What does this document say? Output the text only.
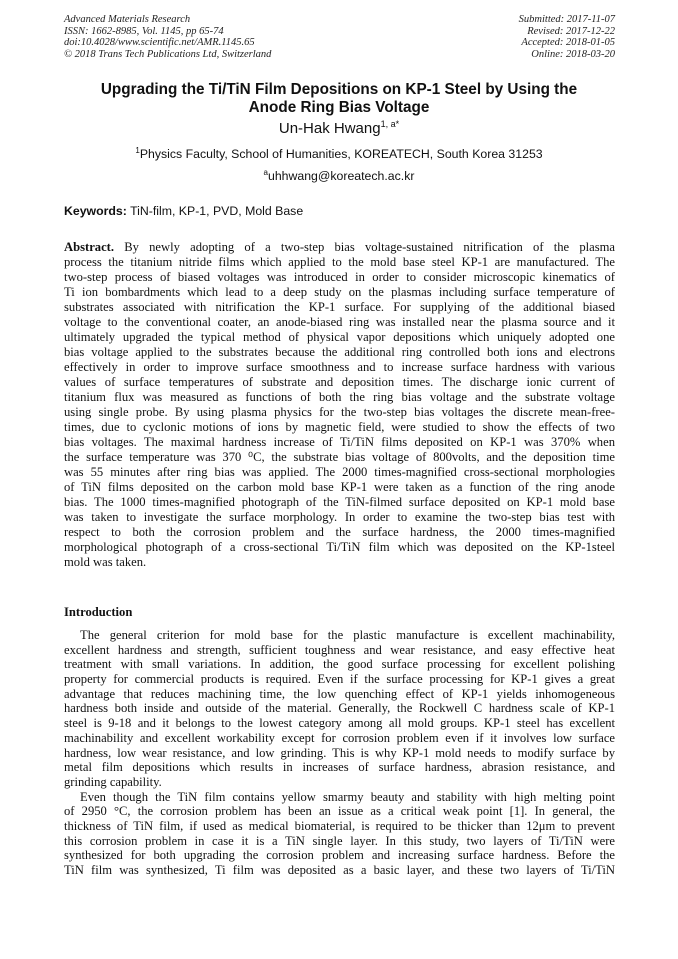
Advanced Materials Research
ISSN: 1662-8985, Vol. 1145, pp 65-74
doi:10.4028/www.scientific.net/AMR.1145.65
© 2018 Trans Tech Publications Ltd, Switzerland
Submitted: 2017-11-07
Revised: 2017-12-22
Accepted: 2018-01-05
Online: 2018-03-20
Upgrading the Ti/TiN Film Depositions on KP-1 Steel by Using the
Anode Ring Bias Voltage
Un-Hak Hwang$^{1, a*}$
$^1$Physics Faculty, School of Humanities, KOREATECH, South Korea 31253
$^a$uhhwang@koreatech.ac.kr
Keywords: TiN-film, KP-1, PVD, Mold Base
Abstract. By newly adopting of a two-step bias voltage-sustained nitrification of the plasma
process the titanium nitride films which applied to the mold base steel KP-1 are manufactured. The
two-step process of biased voltages was introduced in order to consider microscopic kinematics of
Ti ion bombardments which lead to a deep study on the plasmas including surface temperature of
substrates associated with nitrification the KP-1 surface. For supplying of the additional biased
voltage to the conventional coater, an anode-biased ring was installed near the plasma source and it
ultimately upgraded the typical method of physical vapor depositions which uniquely adopted one
bias voltage applied to the substrates because the additional ring controlled both ions and electrons
effectively in order to improve surface smoothness and to increase surface hardness with various
values of surface temperatures of substrate and deposition times. The discharge ionic current of
titanium flux was measured as functions of both the ring bias voltage and the substrate voltage
using single probe. By using plasma physics for the two-step bias voltages the discrete mean-free-
times, due to cyclonic motions of ions by magnetic field, were studied to show the effects of two
bias voltages. The maximal hardness increase of Ti/TiN films deposited on KP-1 was 370% when
the surface temperature was 370 ⁰C, the substrate bias voltage of 800volts, and the deposition time
was 55 minutes after ring bias was applied. The 2000 times-magnified cross-sectional morphologies
of TiN films deposited on the carbon mold base KP-1 were taken as a function of the ring anode
bias. The 1000 times-magnified photograph of the TiN-filmed surface deposited on KP-1 mold base
was taken to investigate the surface morphology. In order to examine the two-step bias test with
respect to both the corrosion problem and the surface hardness, the 2000 times-magnified
morphological photograph of a cross-sectional Ti/TiN film which was deposited on the KP-1steel
mold was taken.
Introduction
The general criterion for mold base for the plastic manufacture is excellent machinability,
excellent hardness and strength, sufficient toughness and wear resistance, and easy effective heat
treatment with small variations. In addition, the good surface processing for excellent polishing
property for commercial products is required. Even if the surface processing for KP-1 gives a great
advantage that reduces machining time, the low quenching effect of KP-1 yields inhomogeneous
hardness both inside and outside of the material. Generally, the Rockwell C hardness scale of KP-1
steel is 9-18 and it belongs to the lowest category among all mold groups. KP-1 steel has excellent
machinability and excellent workability except for corrosion problem even if it involves low surface
hardness, low wear resistance, and low grinding. This is why KP-1 mold needs to modify surface by
metal film depositions which results in increases of surface hardness, abrasion resistance, and
grinding capability.
Even though the TiN film contains yellow smarmy beauty and stability with high melting point
of 2950 °C, the corrosion problem has been an issue as a critical weak point [1]. In general, the
thickness of TiN film, if used as medical biomaterial, is required to be thicker than 12μm to prevent
this corrosion problem in case it is a TiN single layer. In this study, two layers of Ti/TiN were
synthesized for both upgrading the corrosion problem and increasing surface hardness. Before the
TiN film was synthesized, Ti film was deposited as a basic layer, and these two layers of Ti/TiN
